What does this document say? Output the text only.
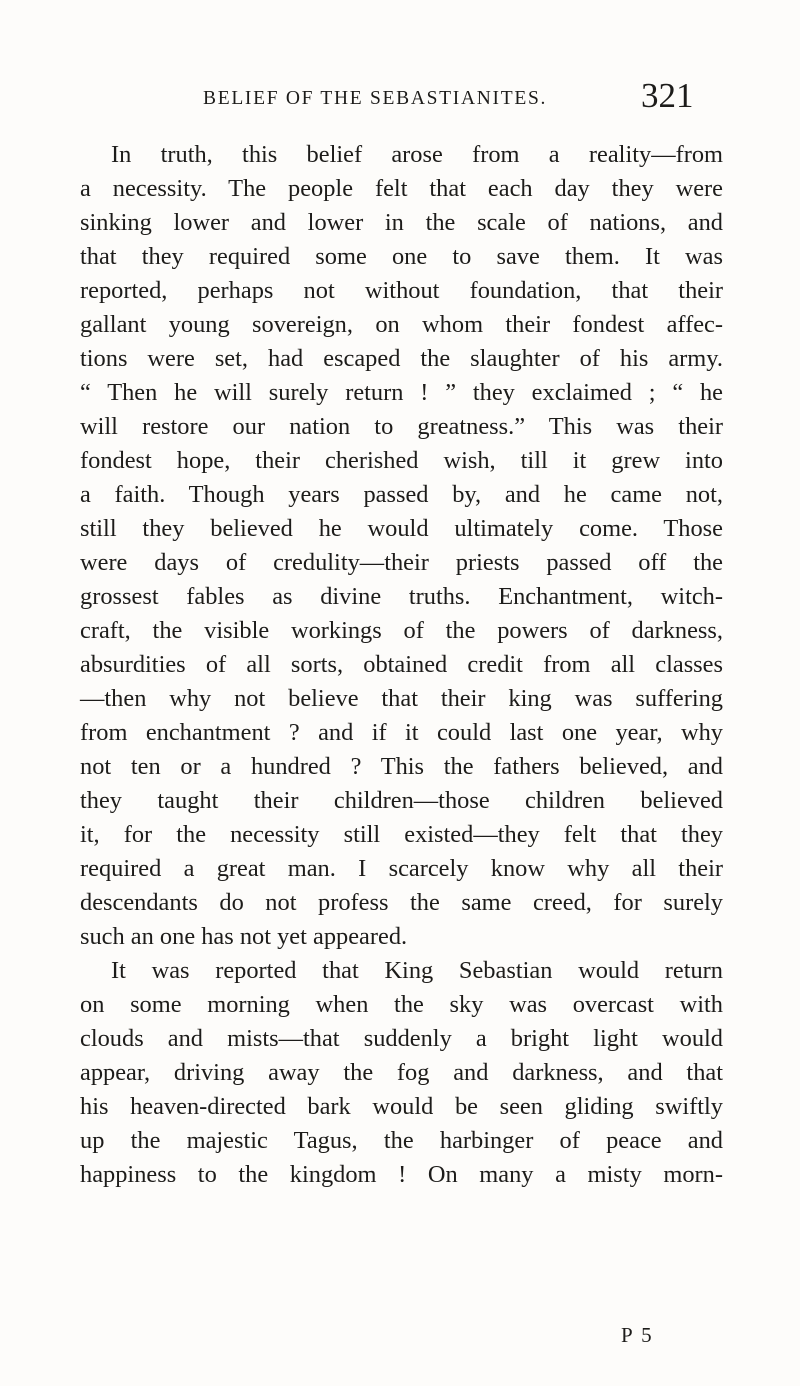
BELIEF OF THE SEBASTIANITES.	321
In truth, this belief arose from a reality—from
a necessity. The people felt that each day they were
sinking lower and lower in the scale of nations, and
that they required some one to save them. It was
reported, perhaps not without foundation, that their
gallant young sovereign, on whom their fondest affec-
tions were set, had escaped the slaughter of his army.
“ Then he will surely return ! ” they exclaimed ; “ he
will restore our nation to greatness.” This was their
fondest hope, their cherished wish, till it grew into
a faith. Though years passed by, and he came not,
still they believed he would ultimately come. Those
were days of credulity—their priests passed off the
grossest fables as divine truths. Enchantment, witch-
craft, the visible workings of the powers of darkness,
absurdities of all sorts, obtained credit from all classes
—then why not believe that their king was suffering
from enchantment ? and if it could last one year, why
not ten or a hundred ? This the fathers believed, and
they taught their children—those children believed
it, for the necessity still existed—they felt that they
required a great man. I scarcely know why all their
descendants do not profess the same creed, for surely
such an one has not yet appeared.
It was reported that King Sebastian would return
on some morning when the sky was overcast with
clouds and mists—that suddenly a bright light would
appear, driving away the fog and darkness, and that
his heaven-directed bark would be seen gliding swiftly
up the majestic Tagus, the harbinger of peace and
happiness to the kingdom ! On many a misty morn-
P 5
